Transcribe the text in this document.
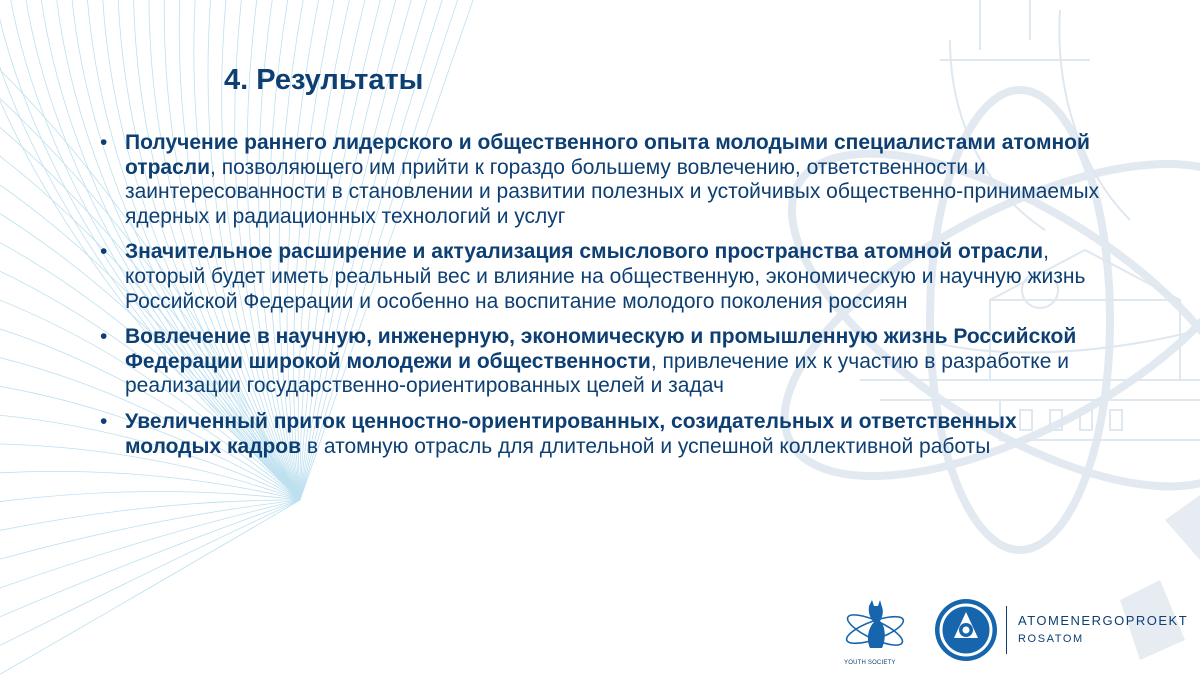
4. Результаты
• Получение раннего лидерского и общественного опыта молодыми специалистами атомной отрасли, позволяющего им прийти к гораздо большему вовлечению, ответственности и заинтересованности в становлении и развитии полезных и устойчивых общественно-принимаемых ядерных и радиационных технологий и услуг
• Значительное расширение и актуализация смыслового пространства атомной отрасли, который будет иметь реальный вес и влияние на общественную, экономическую и научную жизнь Российской Федерации и особенно на воспитание молодого поколения россиян
• Вовлечение в научную, инженерную, экономическую и промышленную жизнь Российской Федерации широкой молодежи и общественности, привлечение их к участию в разработке и реализации государственно-ориентированных целей и задач
• Увеличенный приток ценностно-ориентированных, созидательных и ответственных молодых кадров в атомную отрасль для длительной и успешной коллективной работы
YOUTH SOCIETY
ATOMENERGOPROEKT
ROSATOM
